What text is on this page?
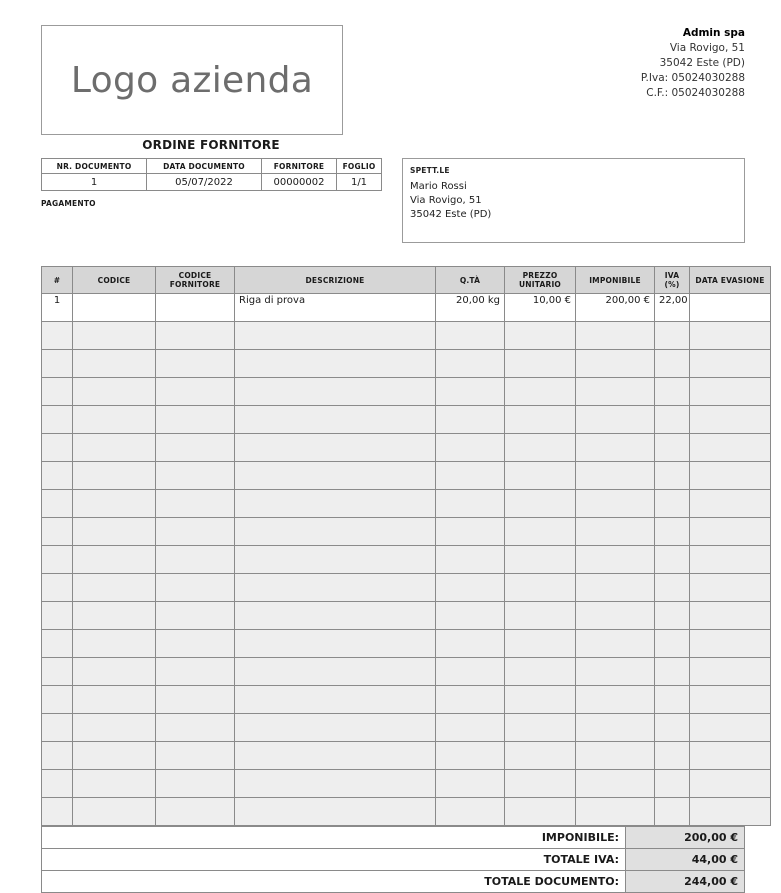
Logo azienda
Admin spa
Via Rovigo, 51
35042 Este (PD)
P.Iva: 05024030288
C.F.: 05024030288
ORDINE FORNITORE
NR. DOCUMENTO	DATA DOCUMENTO	FORNITORE	FOGLIO
1	05/07/2022	00000002	1/1
PAGAMENTO
SPETT.LE
Mario Rossi
Via Rovigo, 51
35042 Este (PD)
#	CODICE	CODICE FORNITORE	DESCRIZIONE	Q.TÀ	PREZZO UNITARIO	IMPONIBILE	IVA (%)	DATA EVASIONE
1			Riga di prova	20,00 kg	10,00 €	200,00 €	22,00	

IMPONIBILE:	200,00 €
TOTALE IVA:	44,00 €
TOTALE DOCUMENTO:	244,00 €
